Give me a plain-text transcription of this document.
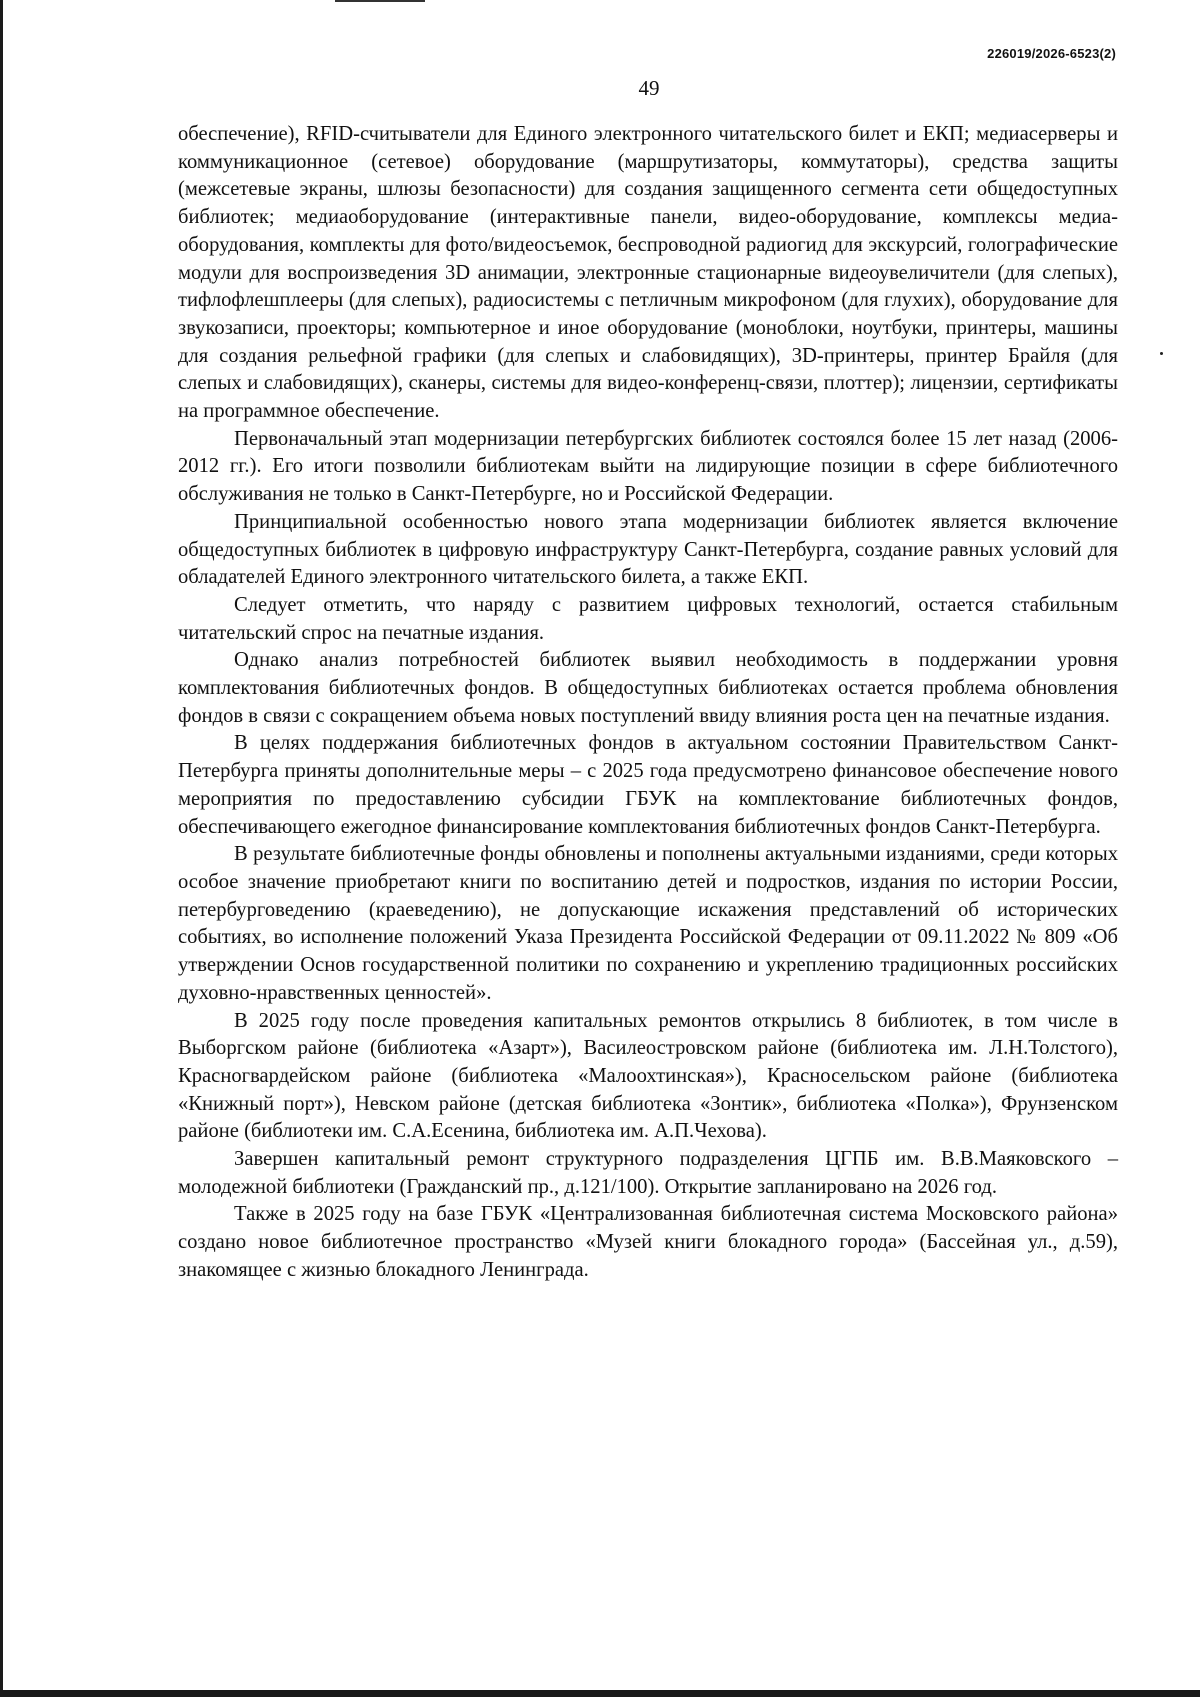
226019/2026-6523(2)
49

обеспечение), RFID-считыватели для Единого электронного читательского билет и ЕКП; медиасерверы и коммуникационное (сетевое) оборудование (маршрутизаторы, коммутаторы), средства защиты (межсетевые экраны, шлюзы безопасности) для создания защищенного сегмента сети общедоступных библиотек; медиаоборудование (интерактивные панели, видео-оборудование, комплексы медиа-оборудования, комплекты для фото/видеосъемок, беспроводной радиогид для экскурсий, голографические модули для воспроизведения 3D анимации, электронные стационарные видеоувеличители (для слепых), тифлофлешплееры (для слепых), радиосистемы с петличным микрофоном (для глухих), оборудование для звукозаписи, проекторы; компьютерное и иное оборудование (моноблоки, ноутбуки, принтеры, машины для создания рельефной графики (для слепых и слабовидящих), 3D-принтеры, принтер Брайля (для слепых и слабовидящих), сканеры, системы для видео-конференц-связи, плоттер); лицензии, сертификаты на программное обеспечение.

Первоначальный этап модернизации петербургских библиотек состоялся более 15 лет назад (2006-2012 гг.). Его итоги позволили библиотекам выйти на лидирующие позиции в сфере библиотечного обслуживания не только в Санкт-Петербурге, но и Российской Федерации.

Принципиальной особенностью нового этапа модернизации библиотек является включение общедоступных библиотек в цифровую инфраструктуру Санкт-Петербурга, создание равных условий для обладателей Единого электронного читательского билета, а также ЕКП.

Следует отметить, что наряду с развитием цифровых технологий, остается стабильным читательский спрос на печатные издания.

Однако анализ потребностей библиотек выявил необходимость в поддержании уровня комплектования библиотечных фондов. В общедоступных библиотеках остается проблема обновления фондов в связи с сокращением объема новых поступлений ввиду влияния роста цен на печатные издания.

В целях поддержания библиотечных фондов в актуальном состоянии Правительством Санкт-Петербурга приняты дополнительные меры – с 2025 года предусмотрено финансовое обеспечение нового мероприятия по предоставлению субсидии ГБУК на комплектование библиотечных фондов, обеспечивающего ежегодное финансирование комплектования библиотечных фондов Санкт-Петербурга.

В результате библиотечные фонды обновлены и пополнены актуальными изданиями, среди которых особое значение приобретают книги по воспитанию детей и подростков, издания по истории России, петербурговедению (краеведению), не допускающие искажения представлений об исторических событиях, во исполнение положений Указа Президента Российской Федерации от 09.11.2022 № 809 «Об утверждении Основ государственной политики по сохранению и укреплению традиционных российских духовно-нравственных ценностей».

В 2025 году после проведения капитальных ремонтов открылись 8 библиотек, в том числе в Выборгском районе (библиотека «Азарт»), Василеостровском районе (библиотека им. Л.Н.Толстого), Красногвардейском районе (библиотека «Малоохтинская»), Красносельском районе (библиотека «Книжный порт»), Невском районе (детская библиотека «Зонтик», библиотека «Полка»), Фрунзенском районе (библиотеки им. С.А.Есенина, библиотека им. А.П.Чехова).

Завершен капитальный ремонт структурного подразделения ЦГПБ им. В.В.Маяковского – молодежной библиотеки (Гражданский пр., д.121/100). Открытие запланировано на 2026 год.

Также в 2025 году на базе ГБУК «Централизованная библиотечная система Московского района» создано новое библиотечное пространство «Музей книги блокадного города» (Бассейная ул., д.59), знакомящее с жизнью блокадного Ленинграда.
